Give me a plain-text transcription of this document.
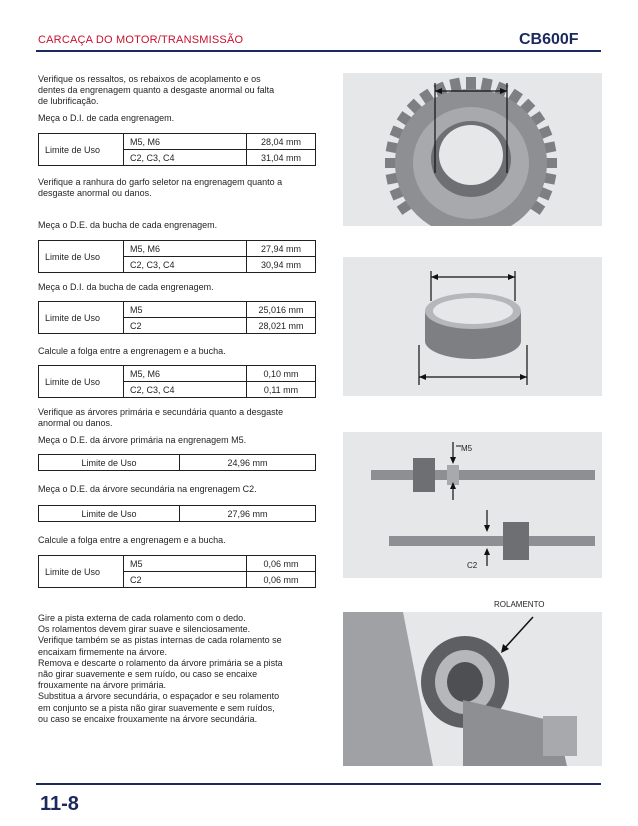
CARCAÇA DO MOTOR/TRANSMISSÃO	CB600F
Verifique os ressaltos, os rebaixos de acoplamento e os
dentes da engrenagem quanto a desgaste anormal ou falta
de lubrificação.
Meça o D.I. de cada engrenagem.
Limite de Uso	M5, M6	28,04 mm
	C2, C3, C4	31,04 mm
Verifique a ranhura do garfo seletor na engrenagem quanto a
desgaste anormal ou danos.
Meça o D.E. da bucha de cada engrenagem.
Limite de Uso	M5, M6	27,94 mm
	C2, C3, C4	30,94 mm
Meça o D.I. da bucha de cada engrenagem.
Limite de Uso	M5	25,016 mm
	C2	28,021 mm
Calcule a folga entre a engrenagem e a bucha.
Limite de Uso	M5, M6	0,10 mm
	C2, C3, C4	0,11 mm
Verifique as árvores primária e secundária quanto a desgaste
anormal ou danos.
Meça o D.E. da árvore primária na engrenagem M5.
Limite de Uso	24,96 mm
Meça o D.E. da árvore secundária na engrenagem C2.
Limite de Uso	27,96 mm
Calcule a folga entre a engrenagem e a bucha.
Limite de Uso	M5	0,06 mm
	C2	0,06 mm
Gire a pista externa de cada rolamento com o dedo.
Os rolamentos devem girar suave e silenciosamente.
Verifique também se as pistas internas de cada rolamento se
encaixam firmemente na árvore.
Remova e descarte o rolamento da árvore primária se a pista
não girar suavemente e sem ruído, ou caso se encaixe
frouxamente na árvore primária.
Substitua a árvore secundária, o espaçador e seu rolamento
em conjunto se a pista não girar suavemente e sem ruídos,
ou caso se encaixe frouxamente na árvore secundária.
M5
C2
ROLAMENTO
11-8
